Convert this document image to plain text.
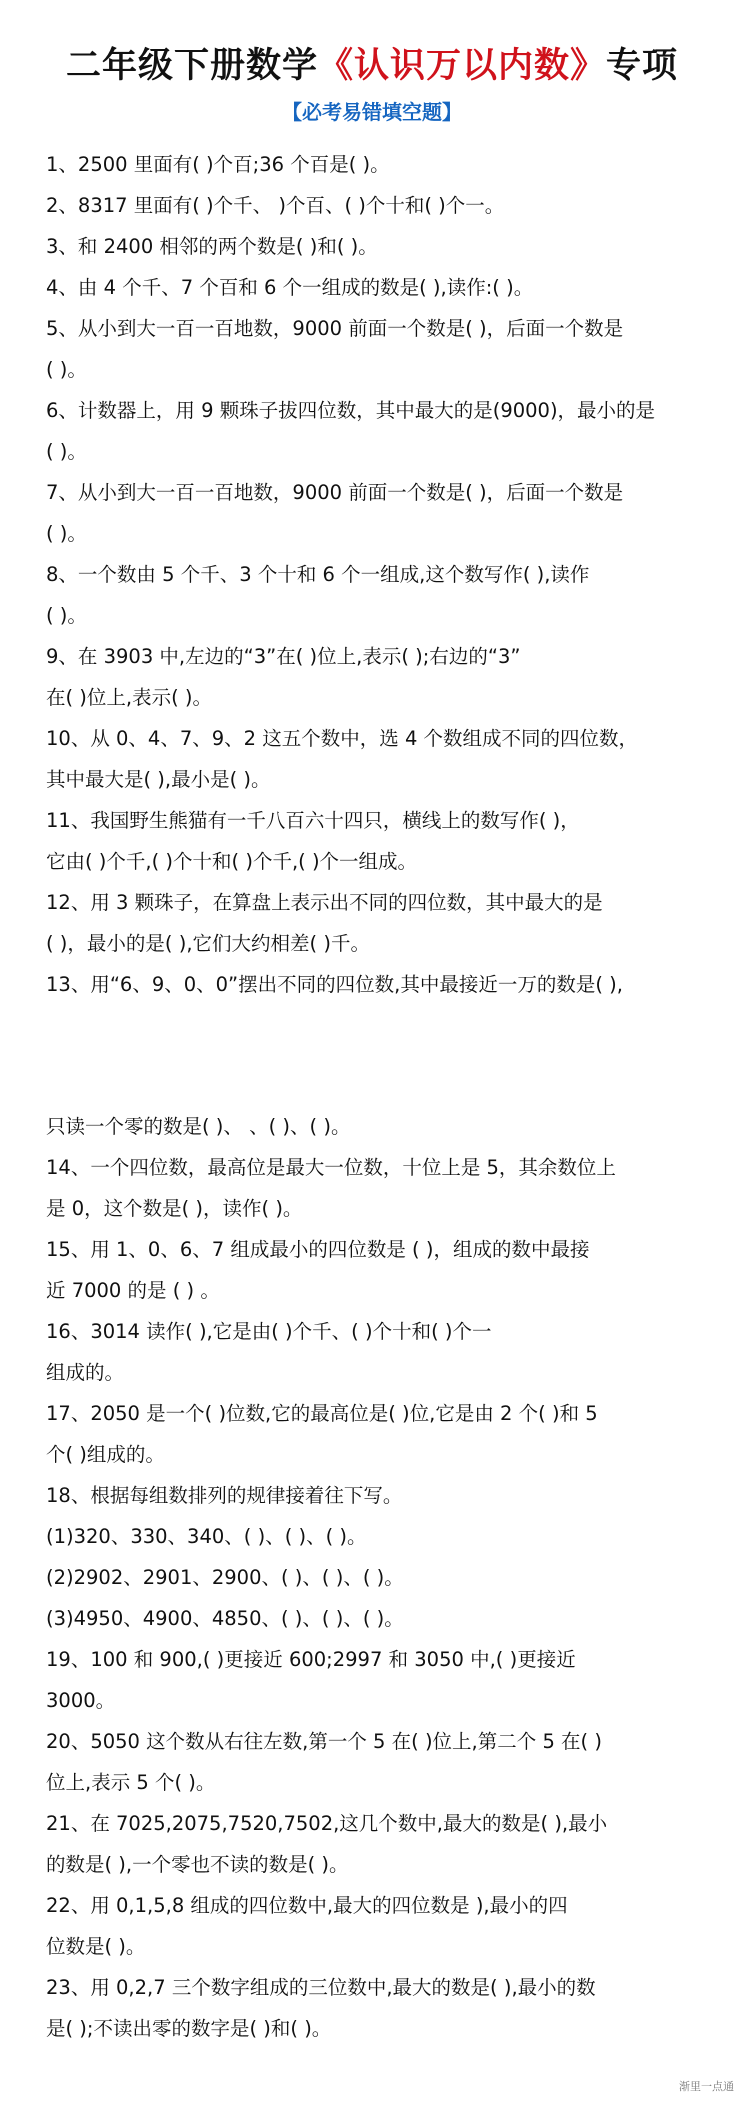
二年级下册数学《认识万以内数》专项
【必考易错填空题】
1、2500 里面有( )个百;36 个百是( )。
2、8317 里面有( )个千、 )个百、( )个十和( )个一。
3、和 2400 相邻的两个数是( )和( )。
4、由 4 个千、7 个百和 6 个一组成的数是( ),读作:( )。
5、从小到大一百一百地数，9000 前面一个数是( )，后面一个数是
( )。
6、计数器上，用 9 颗珠子拔四位数，其中最大的是(9000)，最小的是
( )。
7、从小到大一百一百地数，9000 前面一个数是( )，后面一个数是
( )。
8、一个数由 5 个千、3 个十和 6 个一组成,这个数写作( ),读作
( )。
9、在 3903 中,左边的“3”在( )位上,表示( );右边的“3”
在( )位上,表示( )。
10、从 0、4、7、9、2 这五个数中，选 4 个数组成不同的四位数，
其中最大是( ),最小是( )。
11、我国野生熊猫有一千八百六十四只，横线上的数写作( )，
它由( )个千,( )个十和( )个千,( )个一组成。
12、用 3 颗珠子，在算盘上表示出不同的四位数，其中最大的是
( )，最小的是( ),它们大约相差( )千。
13、用“6、9、0、0”摆出不同的四位数,其中最接近一万的数是( ),
只读一个零的数是( )、 、( )、( )。
14、一个四位数，最高位是最大一位数，十位上是 5，其余数位上
是 0，这个数是( )，读作( )。
15、用 1、0、6、7 组成最小的四位数是 ( )，组成的数中最接
近 7000 的是 ( ) 。
16、3014 读作( ),它是由( )个千、( )个十和( )个一
组成的。
17、2050 是一个( )位数,它的最高位是( )位,它是由 2 个( )和 5
个( )组成的。
18、根据每组数排列的规律接着往下写。
(1)320、330、340、( )、( )、( )。
(2)2902、2901、2900、( )、( )、( )。
(3)4950、4900、4850、( )、( )、( )。
19、100 和 900,( )更接近 600;2997 和 3050 中,( )更接近
3000。
20、5050 这个数从右往左数,第一个 5 在( )位上,第二个 5 在( )
位上,表示 5 个( )。
21、在 7025,2075,7520,7502,这几个数中,最大的数是( ),最小
的数是( ),一个零也不读的数是( )。
22、用 0,1,5,8 组成的四位数中,最大的四位数是 ),最小的四
位数是( )。
23、用 0,2,7 三个数字组成的三位数中,最大的数是( ),最小的数
是( );不读出零的数字是( )和( )。
渐里一点通
